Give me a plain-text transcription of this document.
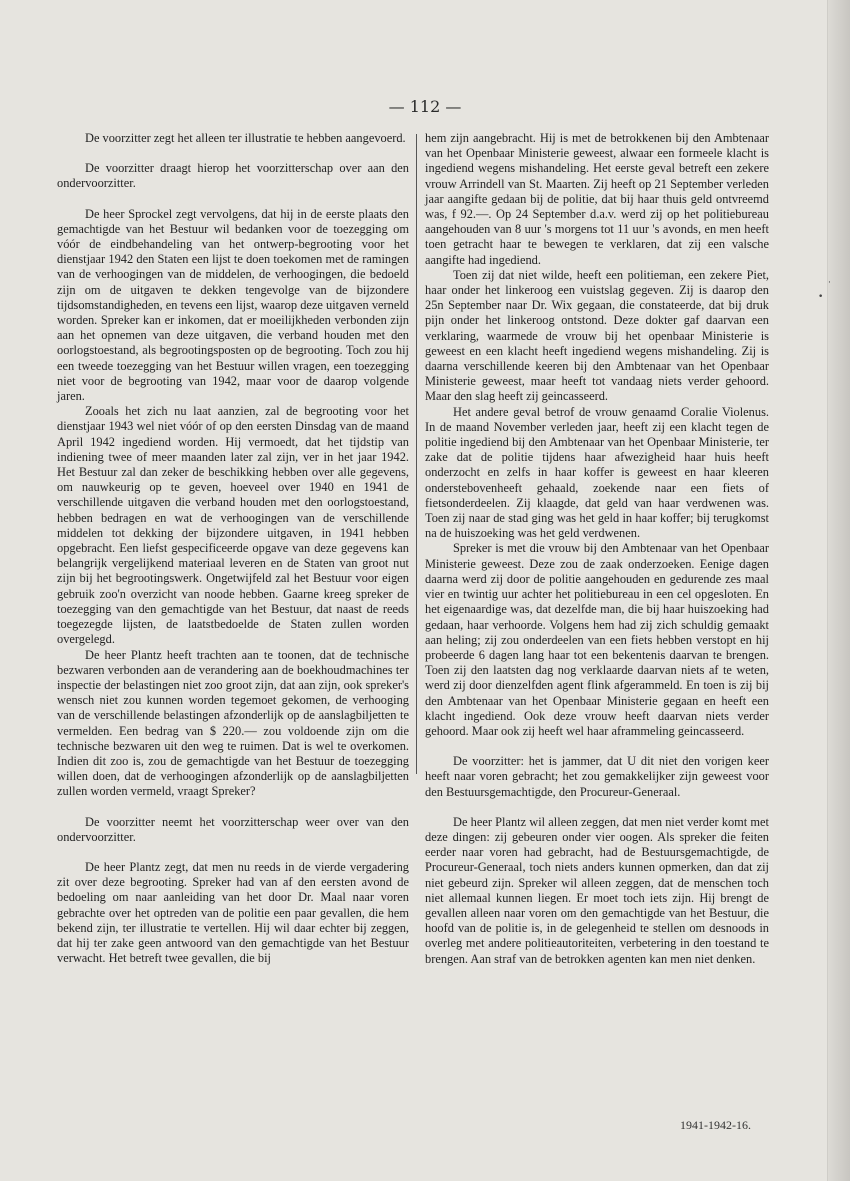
— 112 —

De voorzitter zegt het alleen ter illustratie te hebben aangevoerd.

De voorzitter draagt hierop het voorzitterschap over aan den ondervoorzitter.

De heer Sprockel zegt vervolgens, dat hij in de eerste plaats den gemachtigde van het Bestuur wil bedanken voor de toezegging om vóór de eindbehandeling van het ontwerp-begrooting voor het dienstjaar 1942 den Staten een lijst te doen toekomen met de ramingen van de verhoogingen van de middelen, de verhoogingen, die bedoeld zijn om de uitgaven te dekken tengevolge van de bijzondere tijdsomstandigheden, en tevens een lijst, waarop deze uitgaven verneld worden. Spreker kan er inkomen, dat er moeilijkheden verbonden zijn aan het opnemen van deze uitgaven, die verband houden met den oorlogstoestand, als begrootingsposten op de begrooting. Toch zou hij een tweede toezegging van het Bestuur willen vragen, een toezegging niet voor de begrooting van 1942, maar voor de daarop volgende jaren.

Zooals het zich nu laat aanzien, zal de begrooting voor het dienstjaar 1943 wel niet vóór of op den eersten Dinsdag van de maand April 1942 ingediend worden. Hij vermoedt, dat het tijdstip van indiening twee of meer maanden later zal zijn, ver in het jaar 1942. Het Bestuur zal dan zeker de beschikking hebben over alle gegevens, om nauwkeurig op te geven, hoeveel over 1940 en 1941 de verschillende uitgaven die verband houden met den oorlogstoestand, hebben bedragen en wat de verhoogingen van de verschillende middelen tot dekking der bijzondere uitgaven, in 1941 hebben opgebracht. Een liefst gespecificeerde opgave van deze gegevens kan belangrijk vergelijkend materiaal leveren en de Staten van groot nut zijn bij het begrootingswerk. Ongetwijfeld zal het Bestuur voor eigen gebruik zoo'n overzicht van noode hebben. Gaarne kreeg spreker de toezegging van den gemachtigde van het Bestuur, dat naast de reeds toegezegde lijsten, de laatstbedoelde de Staten zullen worden overgelegd.

De heer Plantz heeft trachten aan te toonen, dat de technische bezwaren verbonden aan de verandering aan de boekhoudmachines ter inspectie der belastingen niet zoo groot zijn, dat aan zijn, ook spreker's wensch niet zou kunnen worden tegemoet gekomen, de verhooging van de verschillende belastingen afzonderlijk op de aanslagbiljetten te vermelden. Een bedrag van $ 220.— zou voldoende zijn om die technische bezwaren uit den weg te ruimen. Dat is wel te overkomen. Indien dit zoo is, zou de gemachtigde van het Bestuur de toezegging willen doen, dat de verhoogingen afzonderlijk op de aanslagbiljetten zullen worden vermeld, vraagt Spreker?

De voorzitter neemt het voorzitterschap weer over van den ondervoorzitter.

De heer Plantz zegt, dat men nu reeds in de vierde vergadering zit over deze begrooting. Spreker had van af den eersten avond de bedoeling om naar aanleiding van het door Dr. Maal naar voren gebrachte over het optreden van de politie een paar gevallen, die hem bekend zijn, ter illustratie te vertellen. Hij wil daar echter bij zeggen, dat hij ter zake geen antwoord van den gemachtigde van het Bestuur verwacht. Het betreft twee gevallen, die bij

hem zijn aangebracht. Hij is met de betrokkenen bij den Ambtenaar van het Openbaar Ministerie geweest, alwaar een formeele klacht is ingediend wegens mishandeling. Het eerste geval betreft een zekere vrouw Arrindell van St. Maarten. Zij heeft op 21 September verleden jaar aangifte gedaan bij de politie, dat bij haar thuis geld ontvreemd was, f 92.—. Op 24 September d.a.v. werd zij op het politiebureau aangehouden van 8 uur 's morgens tot 11 uur 's avonds, en men heeft toen getracht haar te bewegen te verklaren, dat zij een valsche aangifte had ingediend.

Toen zij dat niet wilde, heeft een politieman, een zekere Piet, haar onder het linkeroog een vuistslag gegeven. Zij is daarop den 25n September naar Dr. Wix gegaan, die constateerde, dat bij druk pijn onder het linkeroog ontstond. Deze dokter gaf daarvan een verklaring, waarmede de vrouw bij het openbaar Ministerie is geweest en een klacht heeft ingediend wegens mishandeling. Zij is daarna verschillende keeren bij den Ambtenaar van het Openbaar Ministerie geweest, maar heeft tot vandaag niets verder gehoord. Maar den slag heeft zij geincasseerd.

Het andere geval betrof de vrouw genaamd Coralie Violenus. In de maand November verleden jaar, heeft zij een klacht tegen de politie ingediend bij den Ambtenaar van het Openbaar Ministerie, ter zake dat de politie tijdens haar afwezigheid haar huis heeft onderzocht en zelfs in haar koffer is geweest en haar kleeren onderstebovenheeft gehaald, zoekende naar een fiets of fietsonderdeelen. Zij klaagde, dat geld van haar verdwenen was. Toen zij naar de stad ging was het geld in haar koffer; bij terugkomst na de huiszoeking was het geld verdwenen.

Spreker is met die vrouw bij den Ambtenaar van het Openbaar Ministerie geweest. Deze zou de zaak onderzoeken. Eenige dagen daarna werd zij door de politie aangehouden en gedurende zes maal vier en twintig uur achter het politiebureau in een cel opgesloten. En het eigenaardige was, dat dezelfde man, die bij haar huiszoeking had gedaan, haar verhoorde. Volgens hem had zij zich schuldig gemaakt aan heling; zij zou onderdeelen van een fiets hebben verstopt en hij probeerde 6 dagen lang haar tot een bekentenis daarvan te brengen. Toen zij den laatsten dag nog verklaarde daarvan niets af te weten, werd zij door dienzelfden agent flink afgerammeld. En toen is zij bij den Ambtenaar van het Openbaar Ministerie gegaan en heeft een klacht ingediend. Ook deze vrouw heeft daarvan niets verder gehoord. Maar ook zij heeft wel haar aframmeling geincasseerd.

De voorzitter: het is jammer, dat U dit niet den vorigen keer heeft naar voren gebracht; het zou gemakkelijker zijn geweest voor den Bestuursgemachtigde, den Procureur-Generaal.

De heer Plantz wil alleen zeggen, dat men niet verder komt met deze dingen: zij gebeuren onder vier oogen. Als spreker die feiten eerder naar voren had gebracht, had de Bestuursgemachtigde, de Procureur-Generaal, toch niets anders kunnen opmerken, dan dat zij niet gebeurd zijn. Spreker wil alleen zeggen, dat de menschen toch niet allemaal kunnen liegen. Er moet toch iets zijn. Hij brengt de gevallen alleen naar voren om den gemachtigde van het Bestuur, die hoofd van de politie is, in de gelegenheid te stellen om desnoods in overleg met andere politieautoriteiten, verbetering in den toestand te brengen. Aan straf van de betrokken agenten kan men niet denken.

•
·
1941-1942-16.
